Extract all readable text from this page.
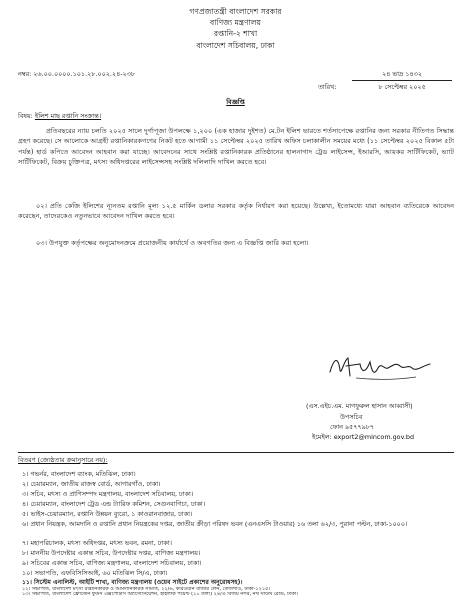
গণপ্রজাতন্ত্রী বাংলাদেশ সরকার
বাণিজ্য মন্ত্রণালয়
রপ্তানি-২ শাখা
বাংলাদেশ সচিবালয়, ঢাকা
নম্বর: ২৬.০০.০০০০.১০১.২৮.০০২.২৪-২৩৮	২৪ ভাদ্র ১৪৩২
তারিখ:	৮ সেপ্টেম্বর ২০২৫
বিজ্ঞপ্তি
বিষয়: ইলিশ মাছ রপ্তানি সংক্রান্ত।
প্রতিবছরের ন্যায় চলতি ২০২৫ সালে দুর্গাপূজা উপলক্ষে ১,২০০ (এক হাজার দুইশত) মে.টন ইলিশ ভারতে শর্তসাপেক্ষে রপ্তানির জন্য সরকার নীতিগত সিদ্ধান্ত গ্রহণ করেছে। সে আলোকে আগ্রহী রপ্তানিকারকগণের নিকট হতে আগামী ১১ সেপ্টেম্বর ২০২৫ তারিখ অফিস চলাকালীন সময়ের মধ্যে (১১ সেপ্টেম্বর ২০২৫ বিকাল ৫টা পর্যন্ত) হার্ড কপিতে আবেদন আহবান করা যাচ্ছে। আবেদনের সাথে সংশ্লিষ্ট রপ্তানিকারক প্রতিষ্ঠানের হালনাগাদ ট্রেড লাইসেন্স, ইআরসি, আয়কর সার্টিফিকেট, ভ্যাট সার্টিফিকেট, বিক্রয় চুক্তিপত্র, মৎস্য অধিদপ্তরের লাইসেন্সসহ সংশ্লিষ্ট দলিলাদি দাখিল করতে হবে।
০২। প্রতি কেজি ইলিশের ন্যূনতম রপ্তানি মূল্য ১২.৫ মার্কিন ডলার সরকার কর্তৃক নির্ধারণ করা হয়েছে। উল্লেখ্য, ইতোমধ্যে যারা আহবান ব্যতিরেকে আবেদন করেছেন, তাদেরকেও নতুনভাবে আবেদন দাখিল করতে হবে।
০৩। উপযুক্ত কর্তৃপক্ষের অনুমোদনক্রমে প্রয়োজনীয় কার্যার্থে ও অবগতির জন্য এ বিজ্ঞপ্তি জারি করা হলো।
(এস.এইচ.এম. মাগফুরুল হাসান আব্বাসী)
উপসচিব
ফোন ৯৫৭৭৯৮৭
ইমেইল: export2@mincom.gov.bd
বিতরণ (জ্যেষ্ঠতার ক্রমানুসারে নয়):
১। গভর্নর, বাংলাদেশ ব্যাংক, মতিঝিল, ঢাকা।
২। চেয়ারম্যান, জাতীয় রাজস্ব বোর্ড, আগারগাঁও, ঢাকা।
৩। সচিব, মৎস্য ও প্রাণিসম্পদ মন্ত্রণালয়, বাংলাদেশ সচিবালয়, ঢাকা।
৪। চেয়ারম্যান, বাংলাদেশ ট্রেড এন্ড ট্যারিফ কমিশন, সেগুনবাগিচা, ঢাকা।
৫। ভাইস-চেয়ারম্যান, রপ্তানি উন্নয়ন ব্যুরো, ১ কাওরানবাজার, ঢাকা।
৬। প্রধান নিয়ন্ত্রক, আমদানি ও রপ্তানি প্রধান নিয়ন্ত্রকের দপ্তর, জাতীয় ক্রীড়া পরিষদ ভবন (এনএসসি টাওয়ার) ১৬ তলা ৬২/৩, পুরানা পল্টন, ঢাকা-১০০০।
৭। মহাপরিচালক, মৎস্য অধিদপ্তর, মৎস্য ভবন, রমনা, ঢাকা।
৮। মাননীয় উপদেষ্টার একান্ত সচিব, উপদেষ্টার দপ্তর, বাণিজ্য মন্ত্রণালয়।
৯। সচিবের একান্ত সচিব, বাণিজ্য মন্ত্রণালয়, বাংলাদেশ সচিবালয়, ঢাকা।
১০। সভাপতি, এফবিসিসিআই, ৬০ মতিঝিল সি/এ, ঢাকা।
১১। সিস্টেম এনালিস্ট, আইটি শাখা, বাণিজ্য মন্ত্রণালয় (ওয়েব সাইটে প্রকাশের অনুরোধসহ)।
১২। সভাপতি, বাংলাদেশ মৎস্য রপ্তানিকারক ও আমদানিকারক সমিতি, ২২/৬, কারওয়ান বাজার লেন, তেজগাঁও, ঢাকা-১২১৫।
১৩। সভাপতি, বাংলাদেশ ফ্রোজেন ফুডস এক্সপোর্টার্স অ্যাসোসিয়েশন, হাইলার্ক পয়েন্ট (১০ তলা) ২৪/এ বিজয় নগর, নর্থ সাউথ রোড, ঢাকা।
